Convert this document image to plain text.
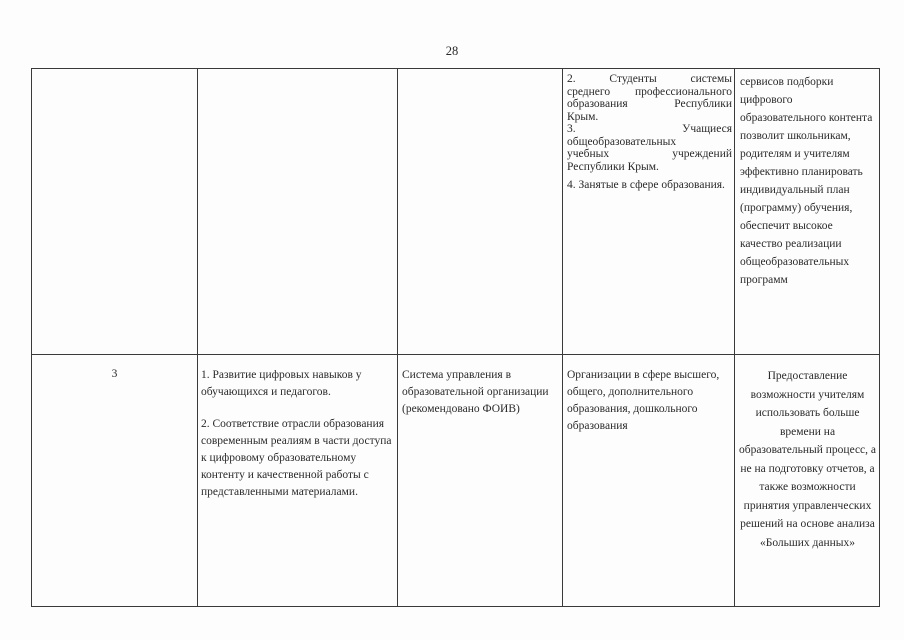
28

2. Студенты системы

среднего профессионального

образования Республики

Крым.

3. Учащиеся

общеобразовательных

учебных учреждений

Республики Крым.

4. Занятые в сфере образования.

сервисов подборки цифрового образовательного контента позволит школьникам, родителям и учителям эффективно планировать индивидуальный план (программу) обучения, обеспечит высокое качество реализации общеобразовательных программ

3	1. Развитие цифровых навыков у обучающихся и педагогов.

2. Соответствие отрасли образования современным реалиям в части доступа к цифровому образовательному контенту и качественной работы с представленными материалами.

Система управления в образовательной организации (рекомендовано ФОИВ)

Организации в сфере высшего, общего, дополнительного образования, дошкольного образования

Предоставление возможности учителям использовать больше времени на образовательный процесс, а не на подготовку отчетов, а также возможности принятия управленческих решений на основе анализа «Больших данных»
